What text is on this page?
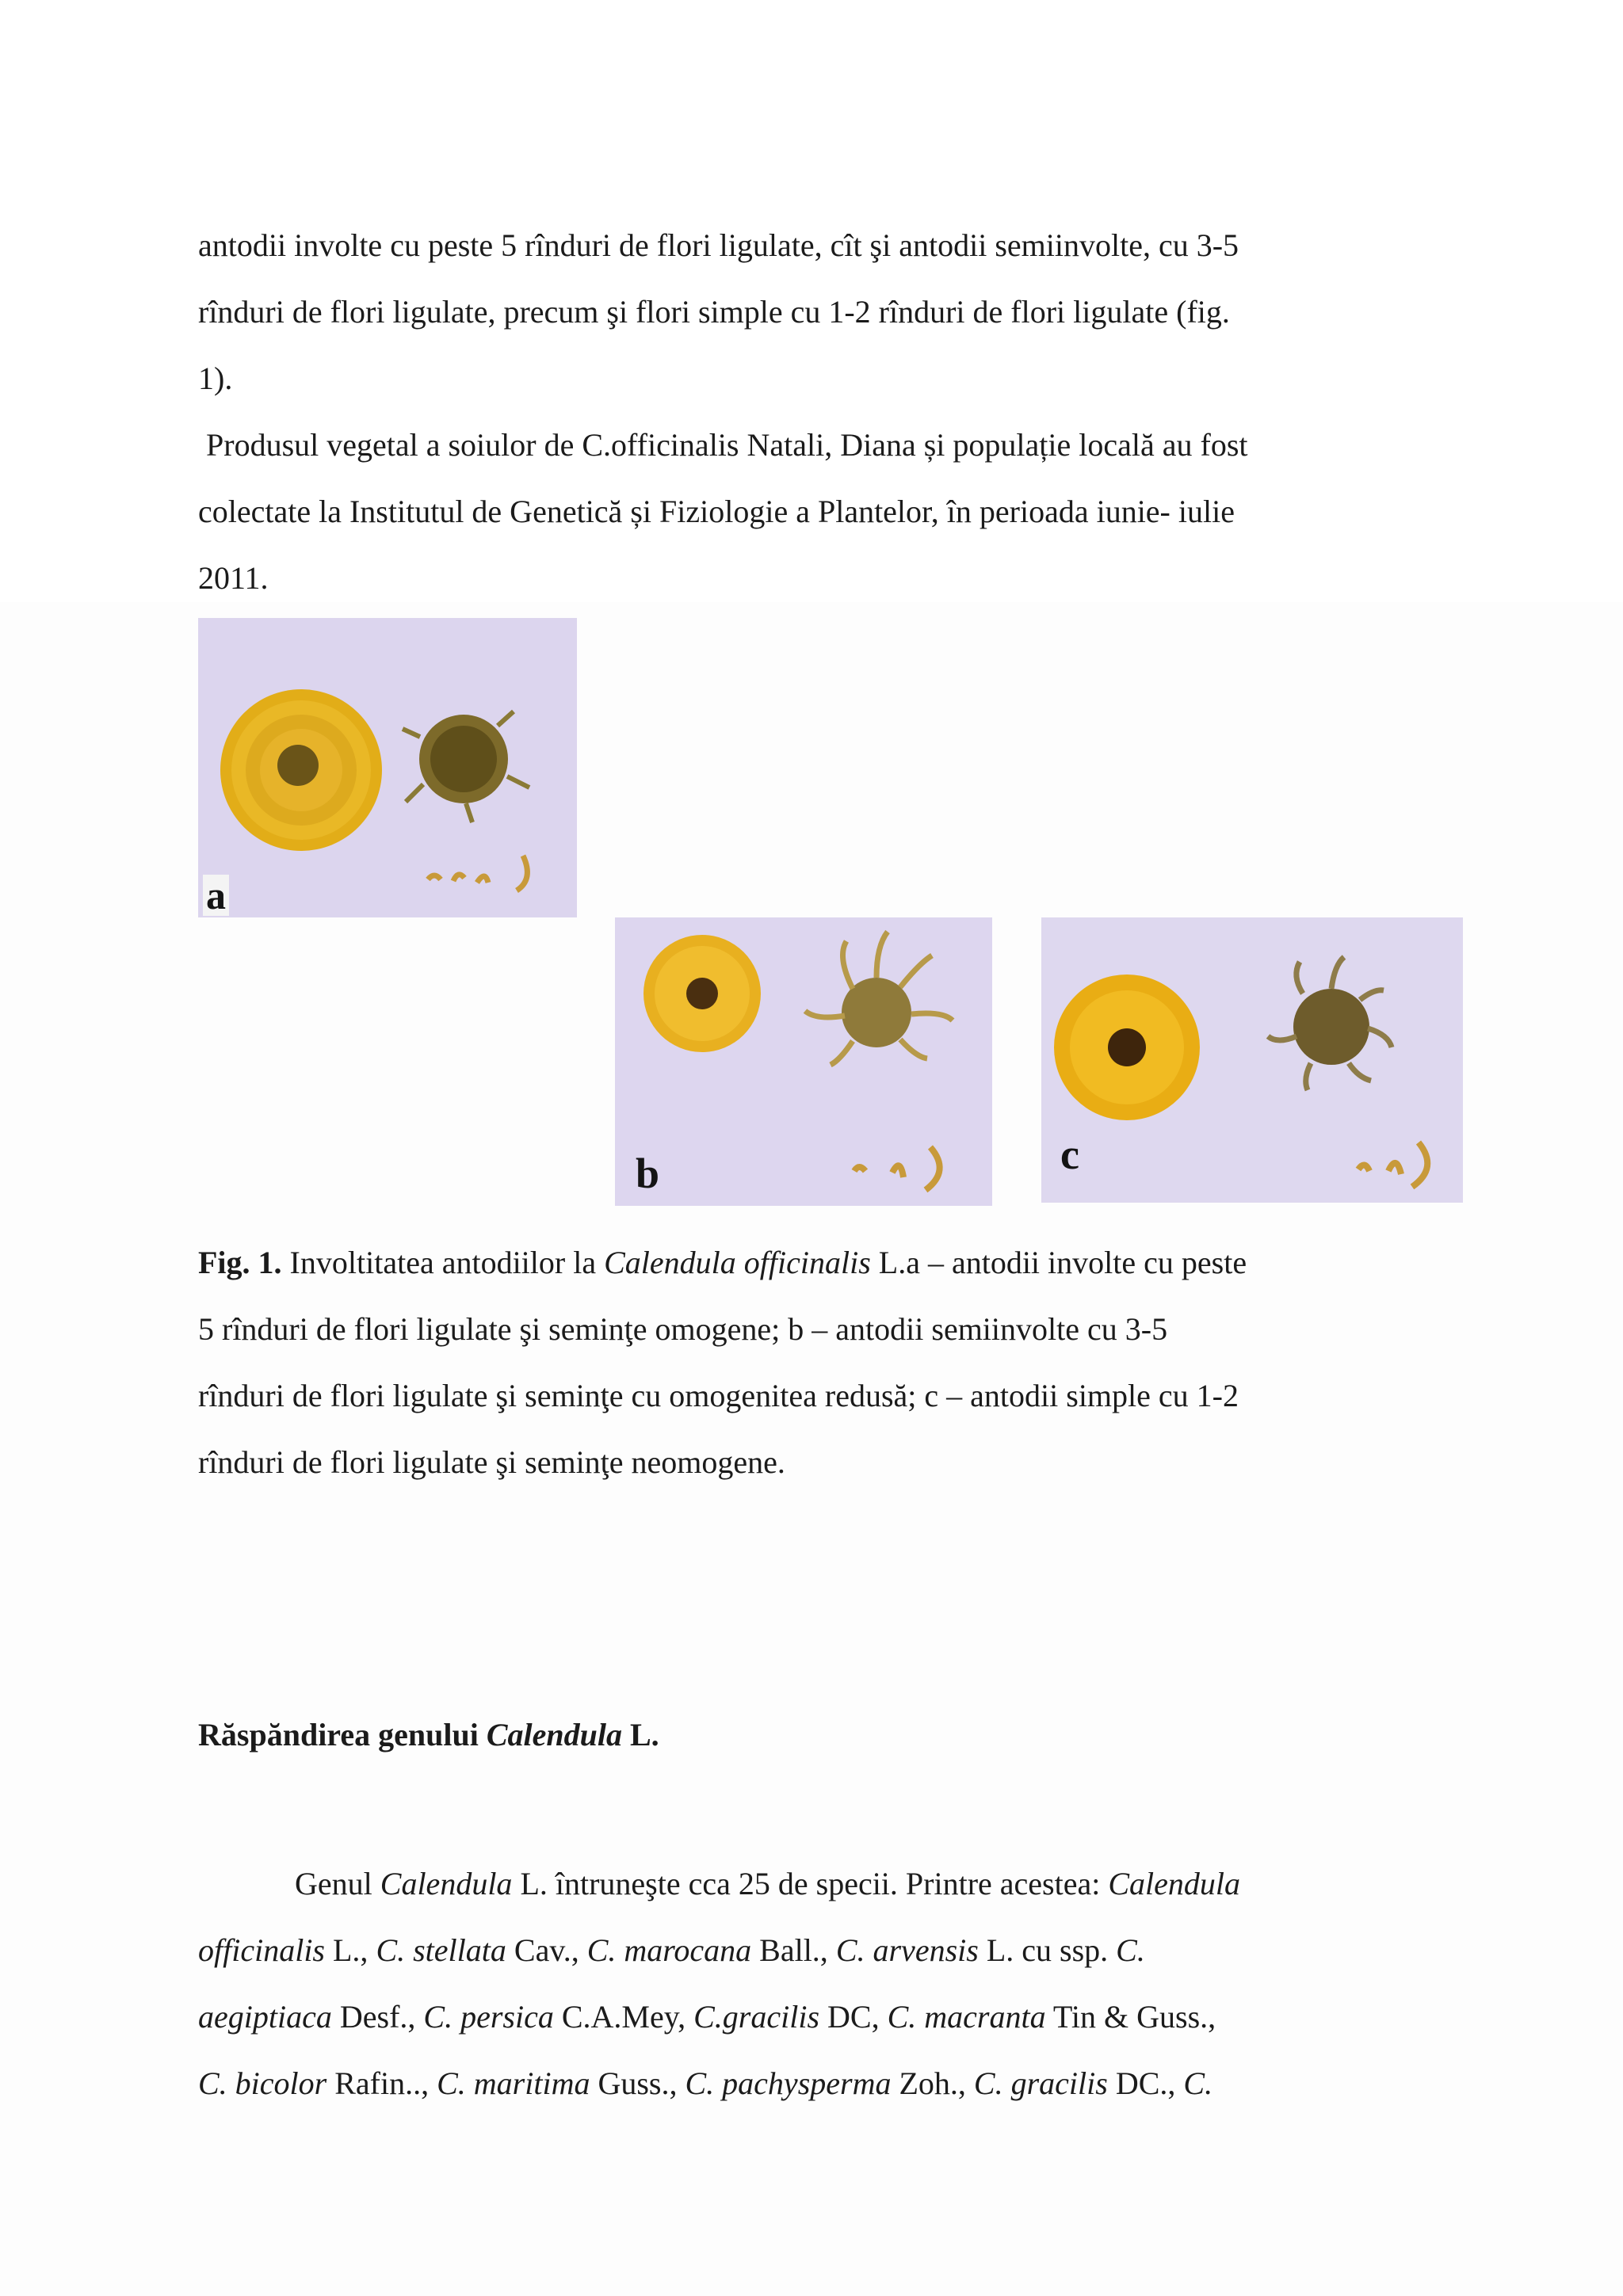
antodii involte cu peste 5 rînduri de flori ligulate, cît şi antodii semiinvolte, cu 3-5
rînduri de flori ligulate, precum şi flori simple cu 1-2 rînduri de flori ligulate (fig.
1).

Produsul vegetal a soiulor de C.officinalis Natali, Diana și populație locală au fost
colectate la Institutul de Genetică și Fiziologie a Plantelor, în perioada iunie- iulie
2011.

a
b	c

Fig. 1. Involtitatea antodiilor la Calendula officinalis L.a – antodii involte cu peste
5 rînduri de flori ligulate şi seminţe omogene; b – antodii semiinvolte cu 3-5
rînduri de flori ligulate şi seminţe cu omogenitea redusă; c – antodii simple cu 1-2
rînduri de flori ligulate şi seminţe neomogene.

Răspăndirea genului Calendula L.

Genul Calendula L. întruneşte cca 25 de specii. Printre acestea: Calendula
officinalis L., C. stellata Cav., C. marocana Ball., C. arvensis L. cu ssp. C.
aegiptiaca Desf., C. persica C.A.Mey, C.gracilis DC, C. macranta Tin & Guss.,
C. bicolor Rafin.., C. maritima Guss., C. pachysperma Zoh., C. gracilis DC., C.
